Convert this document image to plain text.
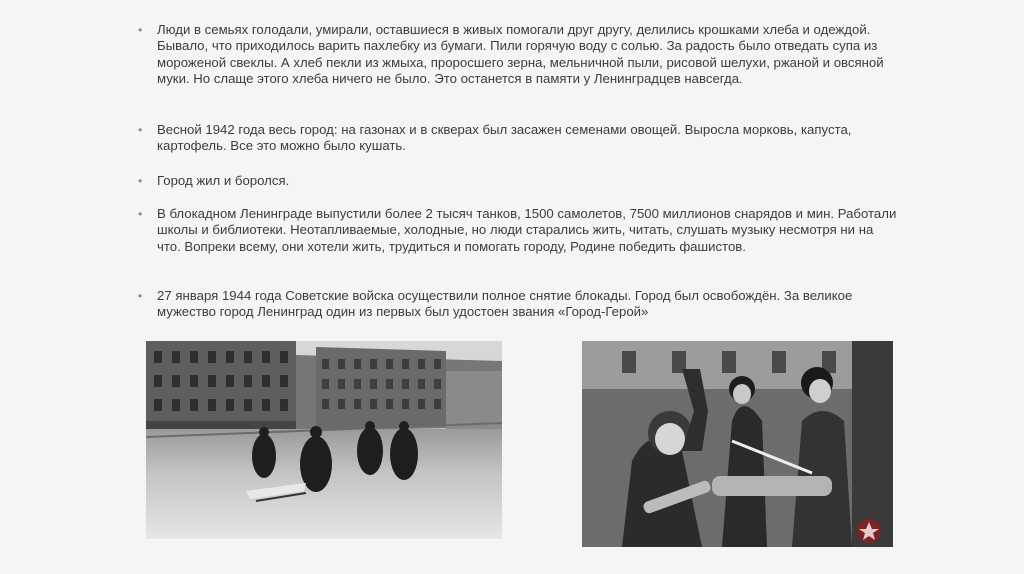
• Люди в семьях голодали, умирали, оставшиеся в живых помогали друг другу, делились крошками хлеба и одеждой. Бывало, что приходилось варить пахлебку из бумаги. Пили горячую воду с солью. За радость было отведать супа из мороженой свеклы. А хлеб пекли из жмыха, проросшего зерна, мельничной пыли, рисовой шелухи, ржаной и овсяной муки. Но слаще этого хлеба ничего не было. Это останется в памяти у Ленинградцев навсегда.
• Весной 1942 года весь город: на газонах и в скверах был засажен семенами овощей. Выросла морковь, капуста, картофель. Все это можно было кушать.
• Город жил и боролся.
• В блокадном Ленинграде выпустили более 2 тысяч танков, 1500 самолетов, 7500 миллионов снарядов и мин. Работали школы и библиотеки. Неотапливаемые, холодные, но люди старались жить, читать, слушать музыку несмотря ни на что. Вопреки всему, они хотели жить, трудиться и помогать городу, Родине победить фашистов.
• 27 января 1944 года Советские войска осуществили полное снятие блокады. Город был освобождён. За великое мужество город Ленинград один из первых был удостоен звания «Город-Герой»
